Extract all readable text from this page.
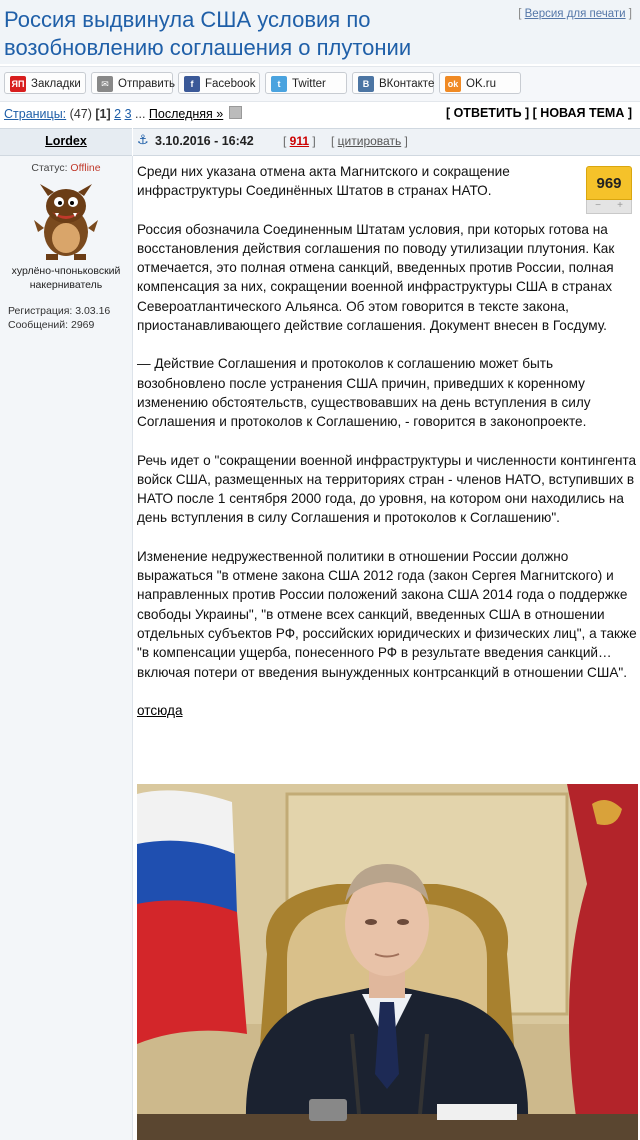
Россия выдвинула США условия по возобновлению соглашения о плутонии
[ Версия для печати ]
ЯП Закладки	✉ Отправить	f	Facebook	t	Twitter	В ВКонтакте	ok OK.ru
Страницы: (47) [1] 2 3 ... Последняя »	[ ОТВЕТИТЬ ] [ НОВАЯ ТЕМА ]
Lordex	⚓ 3.10.2016 - 16:42 [ 911 ] [ цитировать ]
Статус: Offline
хурлёно-чпоньковский накерниватель
Регистрация: 3.03.16
Сообщений: 2969
969
− +

Среди них указана отмена акта Магнитского и сокращение инфраструктуры Соединённых Штатов в странах НАТО.

Россия обозначила Соединенным Штатам условия, при которых готова на восстановления действия соглашения по поводу утилизации плутония. Как отмечается, это полная отмена санкций, введенных против России, полная компенсация за них, сокращении военной инфраструктуры США в странах Североатлантического Альянса. Об этом говорится в тексте закона, приостанавливающего действие соглашения. Документ внесен в Госдуму.

— Действие Соглашения и протоколов к соглашению может быть возобновлено после устранения США причин, приведших к коренному изменению обстоятельств, существовавших на день вступления в силу Соглашения и протоколов к Соглашению, - говорится в законопроекте.

Речь идет о "сокращении военной инфраструктуры и численности контингента войск США, размещенных на территориях стран - членов НАТО, вступивших в НАТО после 1 сентября 2000 года, до уровня, на котором они находились на день вступления в силу Соглашения и протоколов к Соглашению".

Изменение недружественной политики в отношении России должно выражаться "в отмене закона США 2012 года (закон Сергея Магнитского) и направленных против России положений закона США 2014 года о поддержке свободы Украины", "в отмене всех санкций, введенных США в отношении отдельных субъектов РФ, российских юридических и физических лиц", а также "в компенсации ущерба, понесенного РФ в результате введения санкций… включая потери от введения вынужденных контрсанкций в отношении США".

отсюда
